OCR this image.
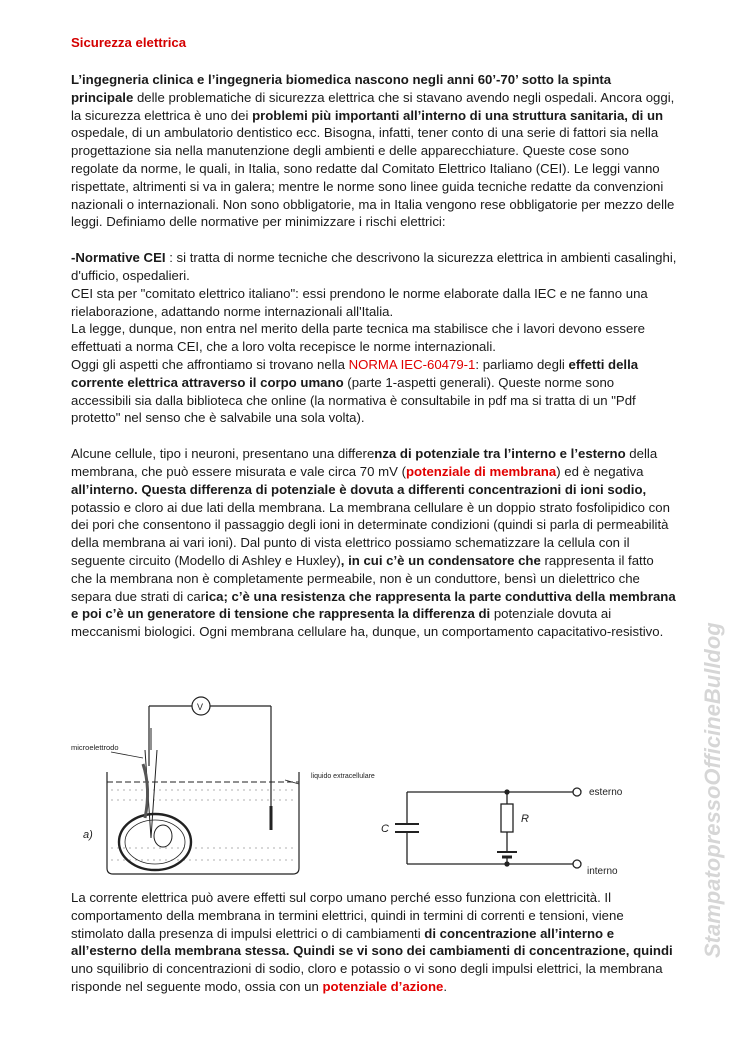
Sicurezza elettrica

L’ingegneria clinica e l’ingegneria biomedica nascono negli anni 60’-70’ sotto la spinta principale delle problematiche di sicurezza elettrica che si stavano avendo negli ospedali. Ancora oggi, la sicurezza elettrica è uno dei problemi più importanti all’interno di una struttura sanitaria, di un ospedale, di un ambulatorio dentistico ecc. Bisogna, infatti, tener conto di una serie di fattori sia nella progettazione sia nella manutenzione degli ambienti e delle apparecchiature. Queste cose sono regolate da norme, le quali, in Italia, sono redatte dal Comitato Elettrico Italiano (CEI). Le leggi vanno rispettate, altrimenti si va in galera; mentre le norme sono linee guida tecniche redatte da convenzioni nazionali o internazionali. Non sono obbligatorie, ma in Italia vengono rese obbligatorie per mezzo delle leggi. Definiamo delle normative per minimizzare i rischi elettrici:

-Normative CEI : si tratta di norme tecniche che descrivono la sicurezza elettrica in ambienti casalinghi, d'ufficio, ospedalieri.

CEI sta per "comitato elettrico italiano": essi prendono le norme elaborate dalla IEC e ne fanno una rielaborazione, adattando norme internazionali all'Italia.

La legge, dunque, non entra nel merito della parte tecnica ma stabilisce che i lavori devono essere effettuati a norma CEI, che a loro volta recepisce le norme internazionali.

Oggi gli aspetti che affrontiamo si trovano nella NORMA IEC-60479-1: parliamo degli effetti della corrente elettrica attraverso il corpo umano (parte 1-aspetti generali). Queste norme sono accessibili sia dalla biblioteca che online (la normativa è consultabile in pdf ma si tratta di un "Pdf protetto" nel senso che è salvabile una sola volta).

Alcune cellule, tipo i neuroni, presentano una differenza di potenziale tra l’interno e l’esterno della membrana, che può essere misurata e vale circa 70 mV (potenziale di membrana) ed è negativa all’interno. Questa differenza di potenziale è dovuta a differenti concentrazioni di ioni sodio, potassio e cloro ai due lati della membrana. La membrana cellulare è un doppio strato fosfolipidico con dei pori che consentono il passaggio degli ioni in determinate condizioni (quindi si parla di permeabilità della membrana ai vari ioni). Dal punto di vista elettrico possiamo schematizzare la cellula con il seguente circuito (Modello di Ashley e Huxley), in cui c’è un condensatore che rappresenta il fatto che la membrana non è completamente permeabile, non è un conduttore, bensì un dielettrico che separa due strati di carica; c’è una resistenza che rappresenta la parte conduttiva della membrana e poi c’è un generatore di tensione che rappresenta la differenza di potenziale dovuta ai meccanismi biologici. Ogni membrana cellulare ha, dunque, un comportamento capacitativo-resistivo.

V
microelettrodo
liquido extracellulare
a)	C
R
esterno
interno

La corrente elettrica può avere effetti sul corpo umano perché esso funziona con elettricità. Il comportamento della membrana in termini elettrici, quindi in termini di correnti e tensioni, viene stimolato dalla presenza di impulsi elettrici o di cambiamenti di concentrazione all’interno e all’esterno della membrana stessa. Quindi se vi sono dei cambiamenti di concentrazione, quindi uno squilibrio di concentrazioni di sodio, cloro e potassio o vi sono degli impulsi elettrici, la membrana risponde nel seguente modo, ossia con un potenziale d’azione.

StampatopressoOfficineBulldog
